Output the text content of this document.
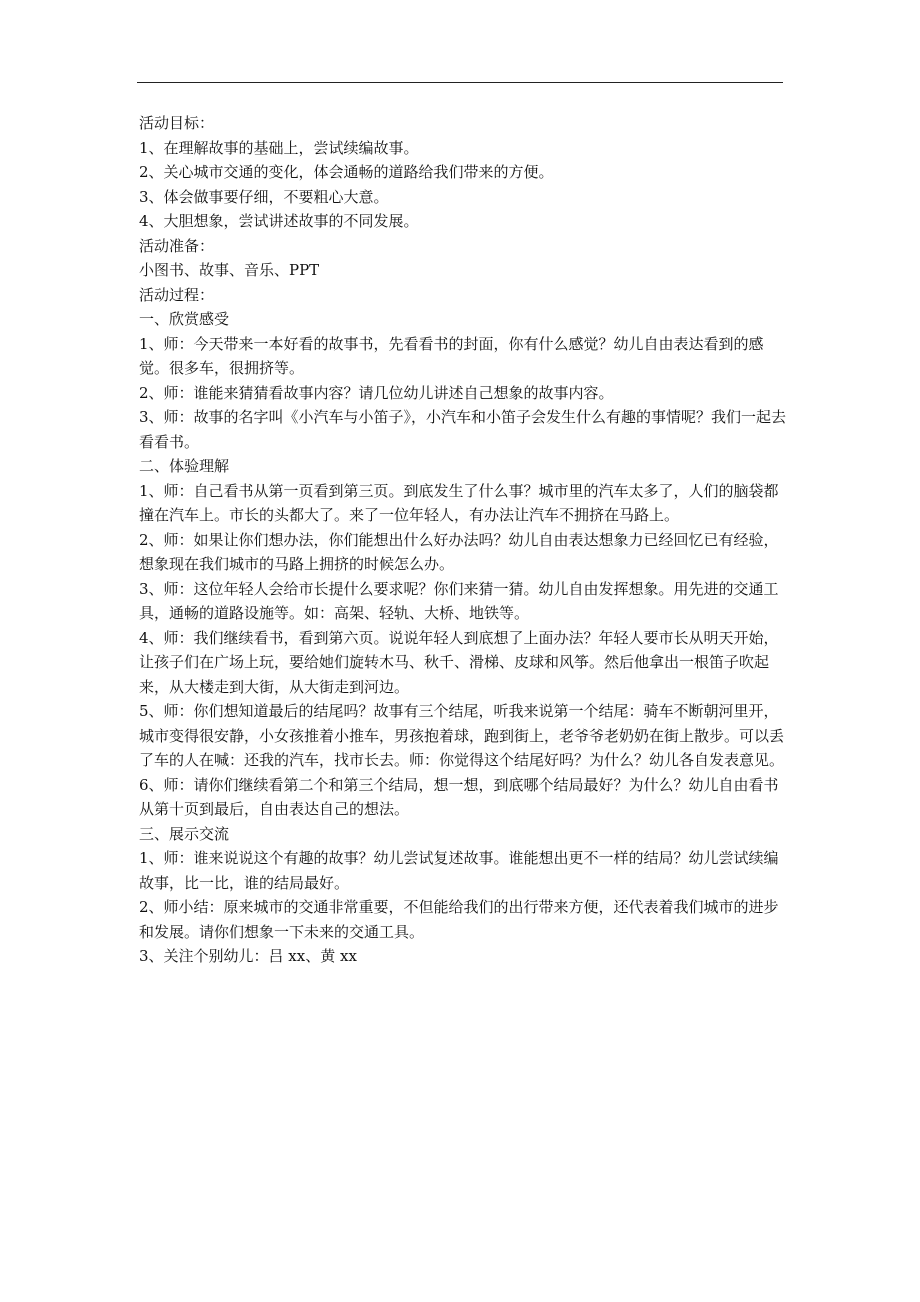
活动目标：

1、在理解故事的基础上，尝试续编故事。

2、关心城市交通的变化，体会通畅的道路给我们带来的方便。

3、体会做事要仔细，不要粗心大意。

4、大胆想象，尝试讲述故事的不同发展。

活动准备：

小图书、故事、音乐、PPT

活动过程：

一、欣赏感受

1、师：今天带来一本好看的故事书，先看看书的封面，你有什么感觉？幼儿自由表达看到的感觉。很多车，很拥挤等。

2、师：谁能来猜猜看故事内容？请几位幼儿讲述自己想象的故事内容。

3、师：故事的名字叫《小汽车与小笛子》，小汽车和小笛子会发生什么有趣的事情呢？我们一起去看看书。

二、体验理解

1、师：自己看书从第一页看到第三页。到底发生了什么事？城市里的汽车太多了，人们的脑袋都撞在汽车上。市长的头都大了。来了一位年轻人，有办法让汽车不拥挤在马路上。

2、师：如果让你们想办法，你们能想出什么好办法吗？幼儿自由表达想象力已经回忆已有经验，想象现在我们城市的马路上拥挤的时候怎么办。

3、师：这位年轻人会给市长提什么要求呢？你们来猜一猜。幼儿自由发挥想象。用先进的交通工具，通畅的道路设施等。如：高架、轻轨、大桥、地铁等。

4、师：我们继续看书，看到第六页。说说年轻人到底想了上面办法？年轻人要市长从明天开始，让孩子们在广场上玩，要给她们旋转木马、秋千、滑梯、皮球和风筝。然后他拿出一根笛子吹起来，从大楼走到大街，从大街走到河边。

5、师：你们想知道最后的结尾吗？故事有三个结尾，听我来说第一个结尾：骑车不断朝河里开，城市变得很安静，小女孩推着小推车，男孩抱着球，跑到街上，老爷爷老奶奶在街上散步。可以丢了车的人在喊：还我的汽车，找市长去。师：你觉得这个结尾好吗？为什么？幼儿各自发表意见。

6、师：请你们继续看第二个和第三个结局，想一想，到底哪个结局最好？为什么？幼儿自由看书从第十页到最后，自由表达自己的想法。

三、展示交流

1、师：谁来说说这个有趣的故事？幼儿尝试复述故事。谁能想出更不一样的结局？幼儿尝试续编故事，比一比，谁的结局最好。

2、师小结：原来城市的交通非常重要，不但能给我们的出行带来方便，还代表着我们城市的进步和发展。请你们想象一下未来的交通工具。

3、关注个别幼儿：吕 xx、黄 xx
